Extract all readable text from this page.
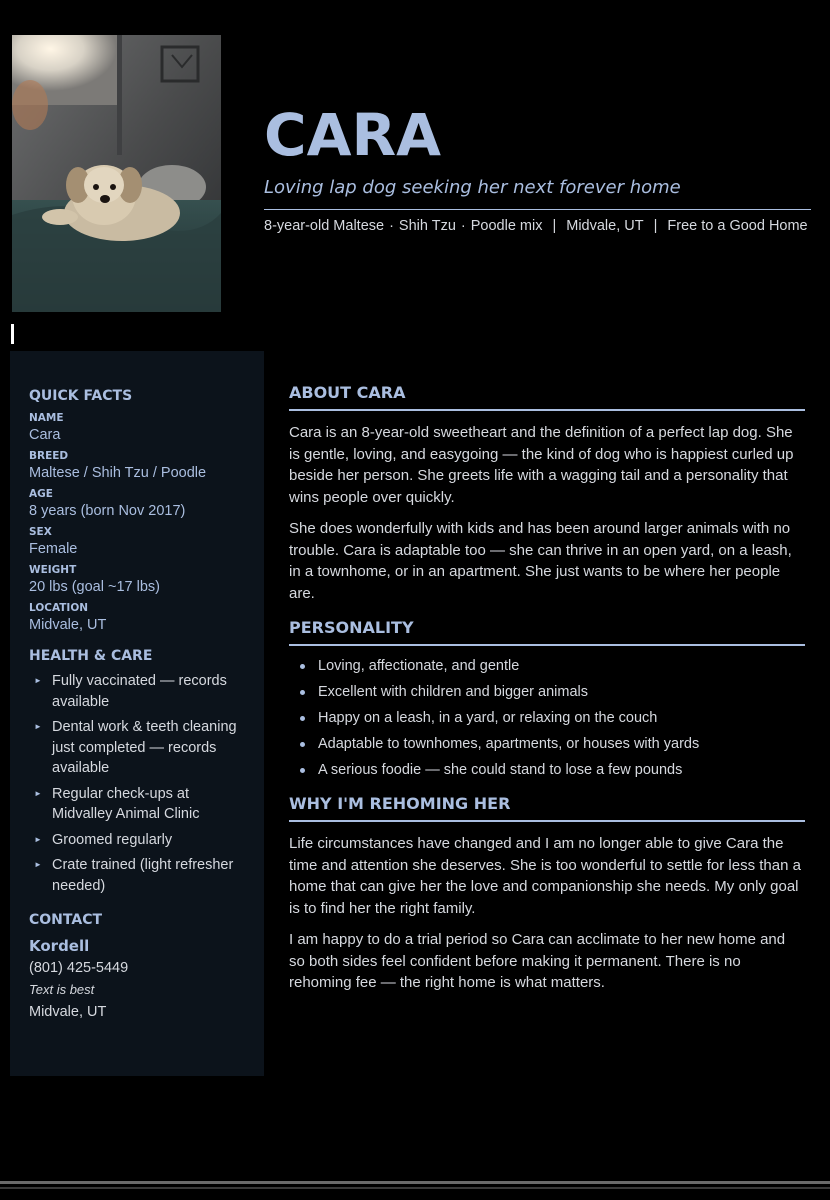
CARA
Loving lap dog seeking her next forever home
8-year-old Maltese · Shih Tzu · Poodle mix | Midvale, UT | Free to a Good Home
QUICK FACTS
NAME
Cara
BREED
Maltese / Shih Tzu / Poodle
AGE
8 years (born Nov 2017)
SEX
Female
WEIGHT
20 lbs (goal ~17 lbs)
LOCATION
Midvale, UT
HEALTH & CARE
► Fully vaccinated — records available
► Dental work & teeth cleaning just completed — records available
► Regular check-ups at Midvalley Animal Clinic
► Groomed regularly
► Crate trained (light refresher needed)
CONTACT
Kordell
(801) 425-5449
Text is best
Midvale, UT
ABOUT CARA

Cara is an 8-year-old sweetheart and the definition of a perfect lap dog. She is gentle, loving, and easygoing — the kind of dog who is happiest curled up beside her person. She greets life with a wagging tail and a personality that wins people over quickly.

She does wonderfully with kids and has been around larger animals with no trouble. Cara is adaptable too — she can thrive in an open yard, on a leash, in a townhome, or in an apartment. She just wants to be where her people are.

PERSONALITY
Loving, affectionate, and gentle
Excellent with children and bigger animals
Happy on a leash, in a yard, or relaxing on the couch
Adaptable to townhomes, apartments, or houses with yards
A serious foodie — she could stand to lose a few pounds
WHY I'M REHOMING HER

Life circumstances have changed and I am no longer able to give Cara the time and attention she deserves. She is too wonderful to settle for less than a home that can give her the love and companionship she needs. My only goal is to find her the right family.

I am happy to do a trial period so Cara can acclimate to her new home and so both sides feel confident before making it permanent. There is no rehoming fee — the right home is what matters.
